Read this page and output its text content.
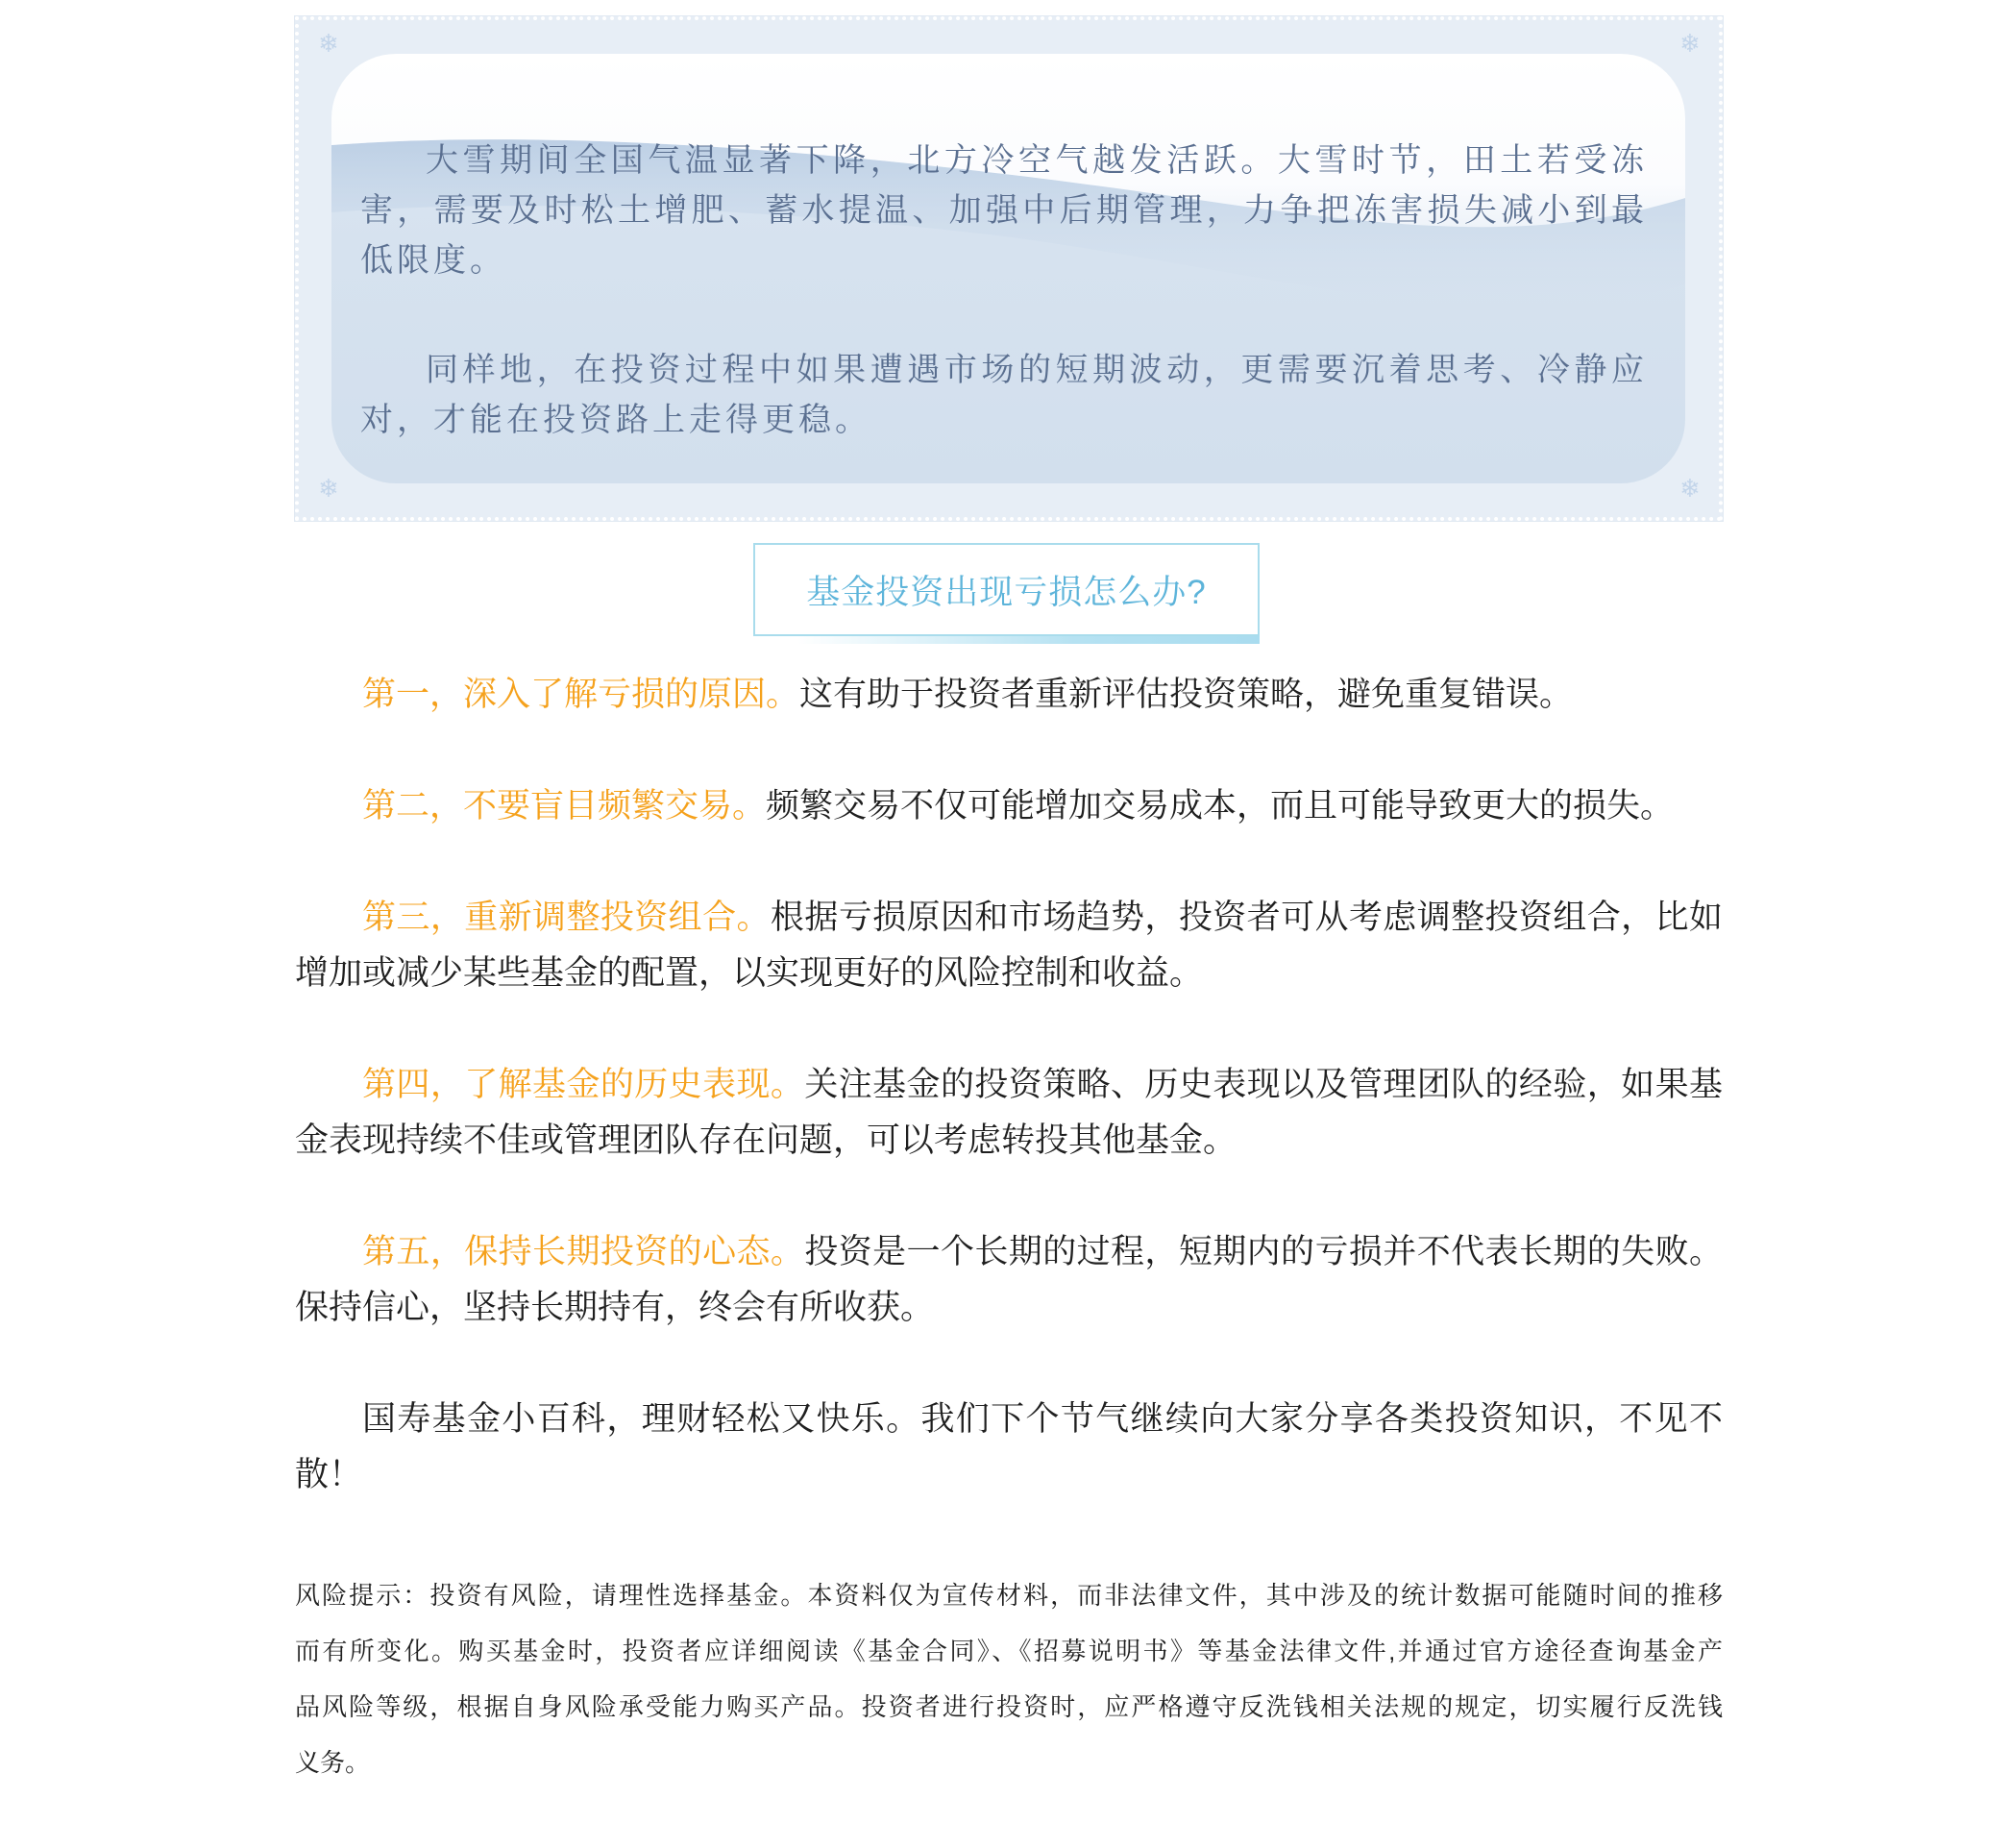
❄
❄
❄
❄

大雪期间全国气温显著下降，北方冷空气越发活跃。大雪时节，田土若受冻害，需要及时松土增肥、蓄水提温、加强中后期管理，力争把冻害损失减小到最低限度。

同样地，在投资过程中如果遭遇市场的短期波动，更需要沉着思考、冷静应对，才能在投资路上走得更稳。

基金投资出现亏损怎么办?

第一，深入了解亏损的原因。这有助于投资者重新评估投资策略，避免重复错误。

第二，不要盲目频繁交易。频繁交易不仅可能增加交易成本，而且可能导致更大的损失。

第三，重新调整投资组合。根据亏损原因和市场趋势，投资者可从考虑调整投资组合，比如增加或减少某些基金的配置，以实现更好的风险控制和收益。

第四，了解基金的历史表现。关注基金的投资策略、历史表现以及管理团队的经验，如果基金表现持续不佳或管理团队存在问题，可以考虑转投其他基金。

第五，保持长期投资的心态。投资是一个长期的过程，短期内的亏损并不代表长期的失败。保持信心，坚持长期持有，终会有所收获。

国寿基金小百科，理财轻松又快乐。我们下个节气继续向大家分享各类投资知识，不见不散！

风险提示：投资有风险，请理性选择基金。本资料仅为宣传材料，而非法律文件，其中涉及的统计数据可能随时间的推移
而有所变化。购买基金时，投资者应详细阅读《基金合同》、《招募说明书》等基金法律文件,并通过官方途径查询基金产
品风险等级，根据自身风险承受能力购买产品。投资者进行投资时，应严格遵守反洗钱相关法规的规定，切实履行反洗钱
义务。
